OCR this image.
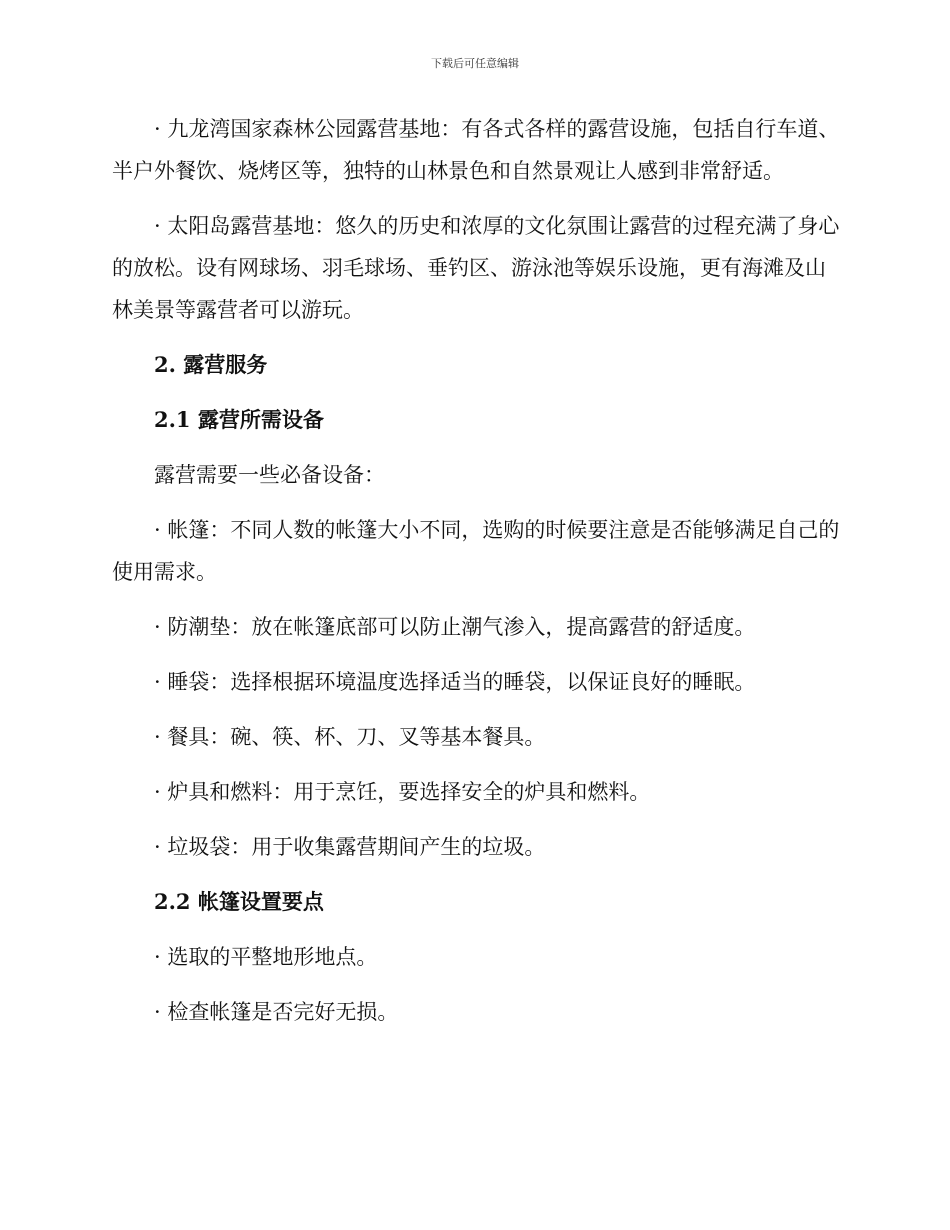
下载后可任意编辑

· 九龙湾国家森林公园露营基地：有各式各样的露营设施，包括自行车道、半户外餐饮、烧烤区等，独特的山林景色和自然景观让人感到非常舒适。

· 太阳岛露营基地：悠久的历史和浓厚的文化氛围让露营的过程充满了身心的放松。设有网球场、羽毛球场、垂钓区、游泳池等娱乐设施，更有海滩及山林美景等露营者可以游玩。

2. 露营服务

2.1 露营所需设备

露营需要一些必备设备：

· 帐篷：不同人数的帐篷大小不同，选购的时候要注意是否能够满足自己的使用需求。

· 防潮垫：放在帐篷底部可以防止潮气渗入，提高露营的舒适度。

· 睡袋：选择根据环境温度选择适当的睡袋，以保证良好的睡眠。

· 餐具：碗、筷、杯、刀、叉等基本餐具。

· 炉具和燃料：用于烹饪，要选择安全的炉具和燃料。

· 垃圾袋：用于收集露营期间产生的垃圾。

2.2 帐篷设置要点

· 选取的平整地形地点。

· 检查帐篷是否完好无损。
